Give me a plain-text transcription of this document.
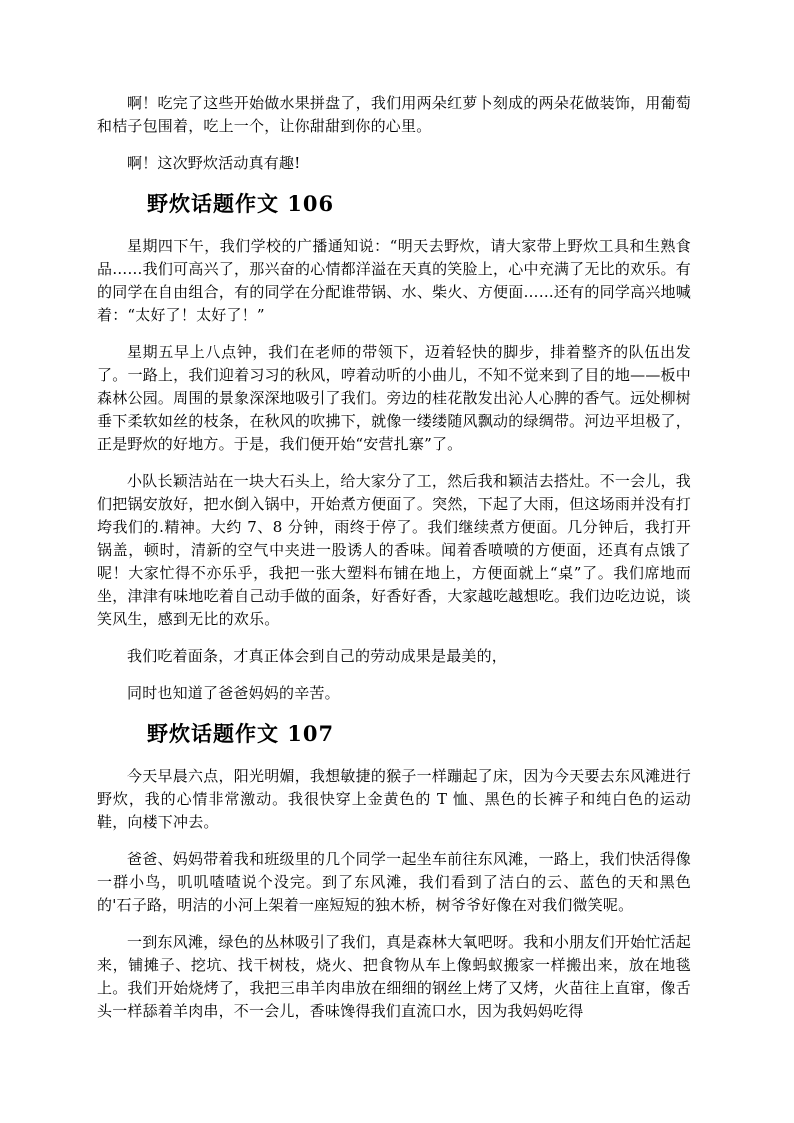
啊！吃完了这些开始做水果拼盘了，我们用两朵红萝卜刻成的两朵花做装饰，用葡萄和桔子包围着，吃上一个，让你甜甜到你的心里。

啊！这次野炊活动真有趣!

野炊话题作文 106

星期四下午，我们学校的广播通知说：“明天去野炊，请大家带上野炊工具和生熟食品……我们可高兴了，那兴奋的心情都洋溢在天真的笑脸上，心中充满了无比的欢乐。有的同学在自由组合，有的同学在分配谁带锅、水、柴火、方便面……还有的同学高兴地喊着：“太好了！太好了！”

星期五早上八点钟，我们在老师的带领下，迈着轻快的脚步，排着整齐的队伍出发了。一路上，我们迎着习习的秋风，哼着动听的小曲儿，不知不觉来到了目的地——板中森林公园。周围的景象深深地吸引了我们。旁边的桂花散发出沁人心脾的香气。远处柳树垂下柔软如丝的枝条，在秋风的吹拂下，就像一缕缕随风飘动的绿绸带。河边平坦极了，正是野炊的好地方。于是，我们便开始“安营扎寨”了。

小队长颖洁站在一块大石头上，给大家分了工，然后我和颖洁去搭灶。不一会儿，我们把锅安放好，把水倒入锅中，开始煮方便面了。突然，下起了大雨，但这场雨并没有打垮我们的.精神。大约 7、8 分钟，雨终于停了。我们继续煮方便面。几分钟后，我打开锅盖，顿时，清新的空气中夹进一股诱人的香味。闻着香喷喷的方便面，还真有点饿了呢！大家忙得不亦乐乎，我把一张大塑料布铺在地上，方便面就上“桌”了。我们席地而坐，津津有味地吃着自己动手做的面条，好香好香，大家越吃越想吃。我们边吃边说，谈笑风生，感到无比的欢乐。

我们吃着面条，才真正体会到自己的劳动成果是最美的，

同时也知道了爸爸妈妈的辛苦。

野炊话题作文 107

今天早晨六点，阳光明媚，我想敏捷的猴子一样蹦起了床，因为今天要去东风滩进行野炊，我的心情非常激动。我很快穿上金黄色的 T 恤、黑色的长裤子和纯白色的运动鞋，向楼下冲去。

爸爸、妈妈带着我和班级里的几个同学一起坐车前往东风滩，一路上，我们快活得像一群小鸟，叽叽喳喳说个没完。到了东风滩，我们看到了洁白的云、蓝色的天和黑色的'石子路，明洁的小河上架着一座短短的独木桥，树爷爷好像在对我们微笑呢。

一到东风滩，绿色的丛林吸引了我们，真是森林大氧吧呀。我和小朋友们开始忙活起来，铺摊子、挖坑、找干树枝，烧火、把食物从车上像蚂蚁搬家一样搬出来，放在地毯上。我们开始烧烤了，我把三串羊肉串放在细细的钢丝上烤了又烤，火苗往上直窜，像舌头一样舔着羊肉串，不一会儿，香味馋得我们直流口水，因为我妈妈吃得
